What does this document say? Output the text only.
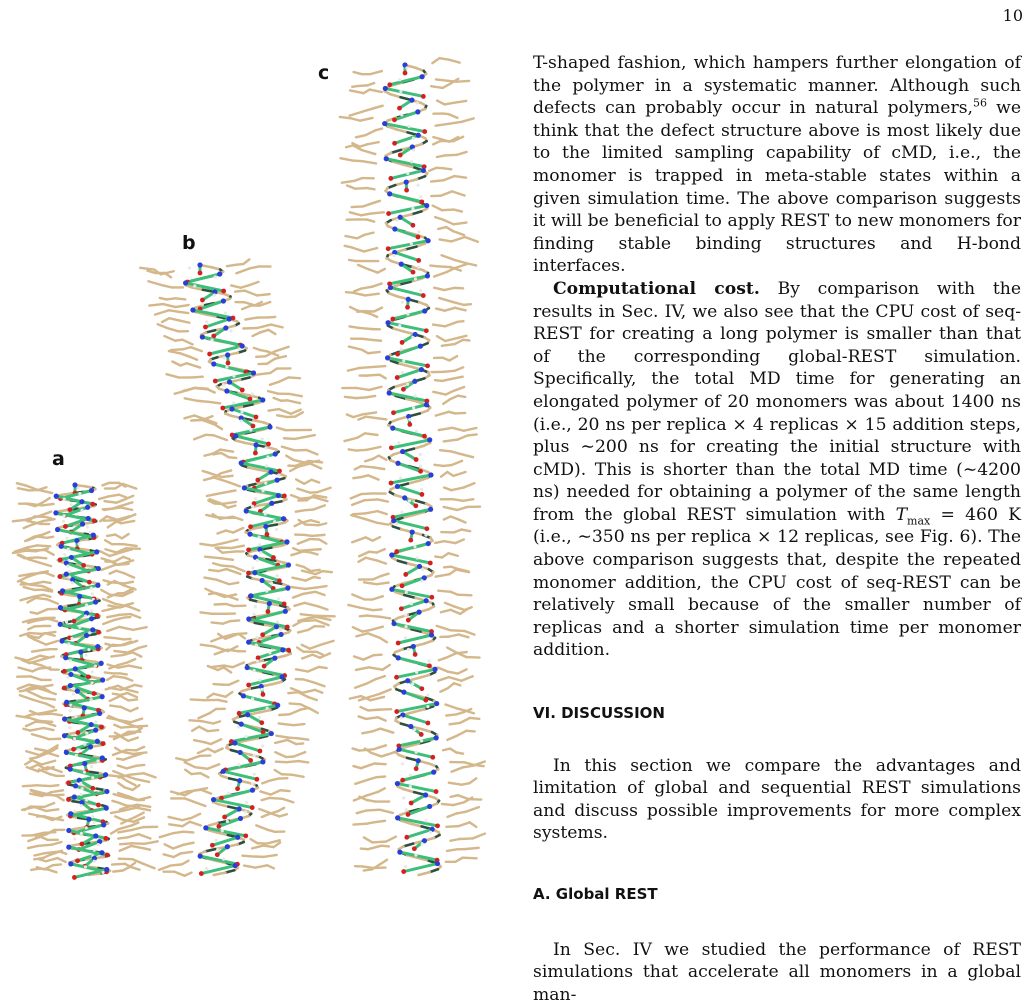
10
a
b
c	T-shaped fashion, which hampers further elongation of the polymer in a systematic manner. Although such defects can probably occur in natural polymers,$^{56}$ we think that the defect structure above is most likely due to the limited sampling capability of cMD, i.e., the monomer is trapped in meta-stable states within a given simulation time. The above comparison suggests it will be beneficial to apply REST to new monomers for finding stable binding structures and H-bond interfaces.

Computational cost. By comparison with the results in Sec. IV, we also see that the CPU cost of seq-REST for creating a long polymer is smaller than that of the corresponding global-REST simulation. Specifically, the total MD time for generating an elongated polymer of 20 monomers was about 1400 ns (i.e., 20 ns per replica × 4 replicas × 15 addition steps, plus ∼200 ns for creating the initial structure with cMD). This is shorter than the total MD time (∼4200 ns) needed for obtaining a polymer of the same length from the global REST simulation with $T_{max} = 460$ K (i.e., ∼350 ns per replica × 12 replicas, see Fig. 6). The above comparison suggests that, despite the repeated monomer addition, the CPU cost of seq-REST can be relatively small because of the smaller number of replicas and a shorter simulation time per monomer addition.

VI. DISCUSSION

In this section we compare the advantages and limitation of global and sequential REST simulations and discuss possible improvements for more complex systems.

A. Global REST

In Sec. IV we studied the performance of REST simulations that accelerate all monomers in a global man-
